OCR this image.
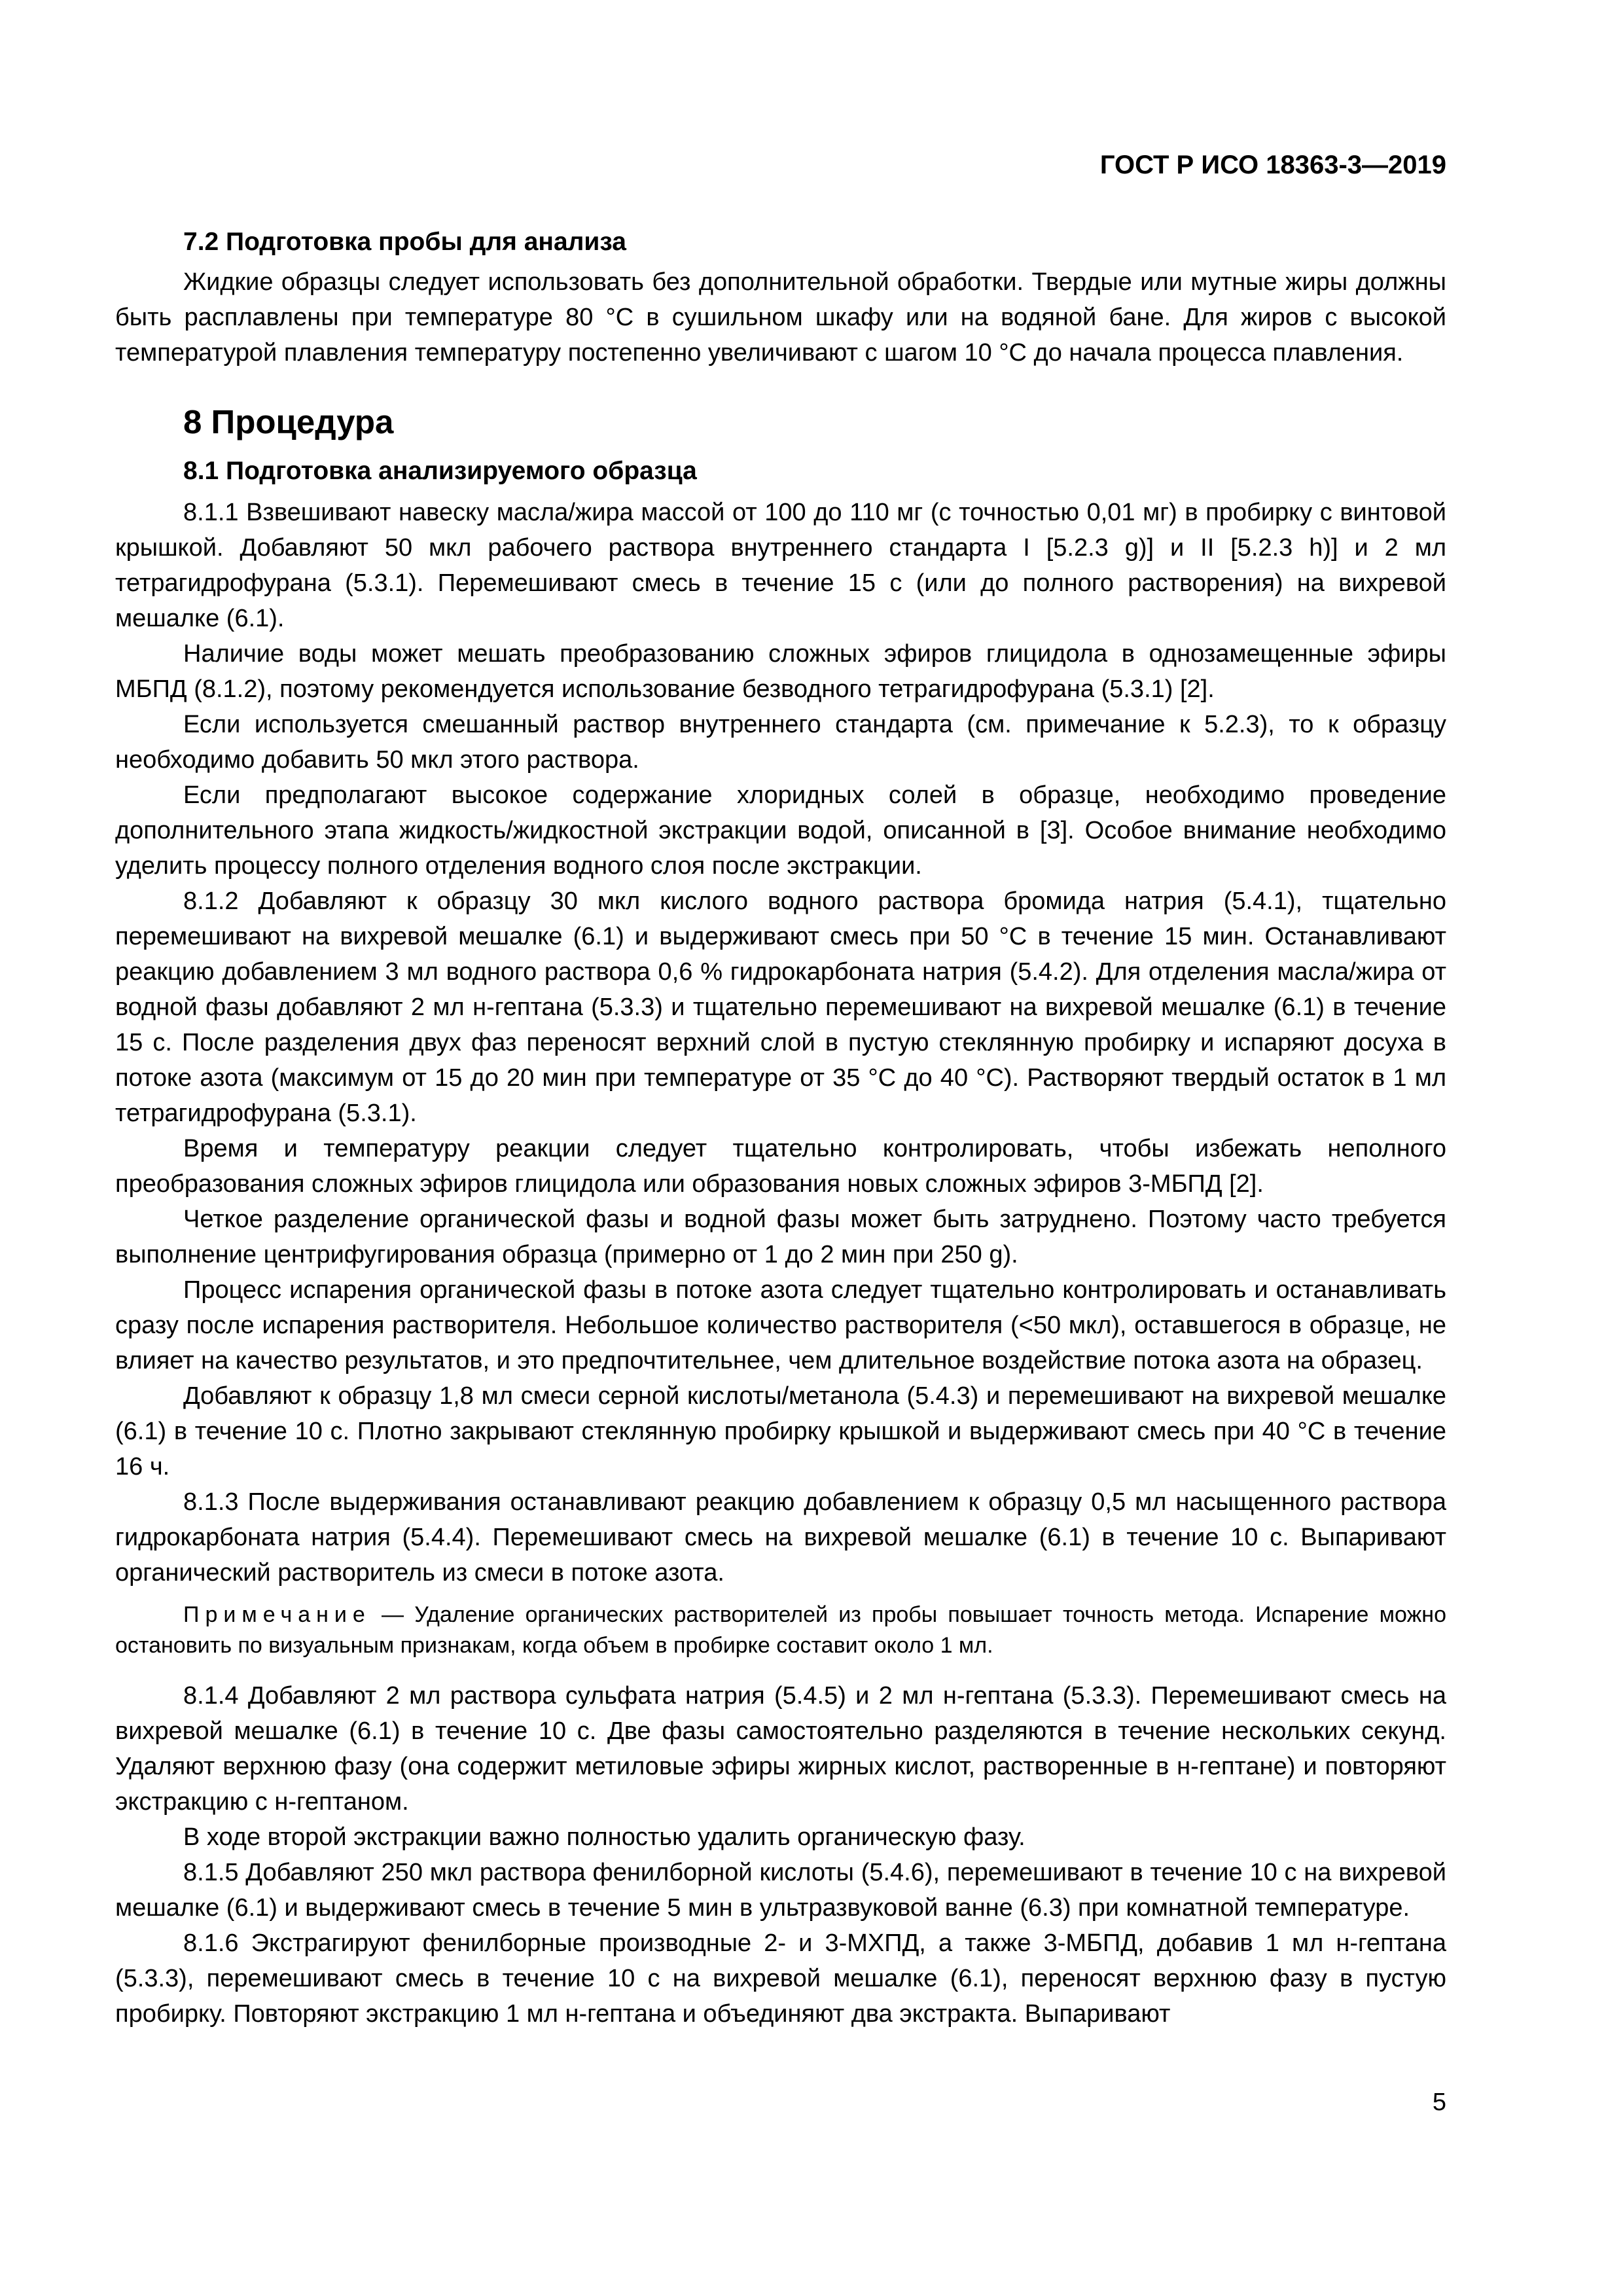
ГОСТ Р ИСО 18363-3—2019
7.2 Подготовка пробы для анализа

Жидкие образцы следует использовать без дополнительной обработки. Твердые или мутные жиры должны быть расплавлены при температуре 80 °С в сушильном шкафу или на водяной бане. Для жиров с высокой температурой плавления температуру постепенно увеличивают с шагом 10 °С до начала процесса плавления.

8 Процедура
8.1 Подготовка анализируемого образца

8.1.1 Взвешивают навеску масла/жира массой от 100 до 110 мг (с точностью 0,01 мг) в пробирку с винтовой крышкой. Добавляют 50 мкл рабочего раствора внутреннего стандарта I [5.2.3 g)] и II [5.2.3 h)] и 2 мл тетрагидрофурана (5.3.1). Перемешивают смесь в течение 15 с (или до полного растворения) на вихревой мешалке (6.1).

Наличие воды может мешать преобразованию сложных эфиров глицидола в однозамещенные эфиры МБПД (8.1.2), поэтому рекомендуется использование безводного тетрагидрофурана (5.3.1) [2].

Если используется смешанный раствор внутреннего стандарта (см. примечание к 5.2.3), то к образцу необходимо добавить 50 мкл этого раствора.

Если предполагают высокое содержание хлоридных солей в образце, необходимо проведение дополнительного этапа жидкость/жидкостной экстракции водой, описанной в [3]. Особое внимание необходимо уделить процессу полного отделения водного слоя после экстракции.

8.1.2 Добавляют к образцу 30 мкл кислого водного раствора бромида натрия (5.4.1), тщательно перемешивают на вихревой мешалке (6.1) и выдерживают смесь при 50 °С в течение 15 мин. Останавливают реакцию добавлением 3 мл водного раствора 0,6 % гидрокарбоната натрия (5.4.2). Для отделения масла/жира от водной фазы добавляют 2 мл н-гептана (5.3.3) и тщательно перемешивают на вихревой мешалке (6.1) в течение 15 с. После разделения двух фаз переносят верхний слой в пустую стеклянную пробирку и испаряют досуха в потоке азота (максимум от 15 до 20 мин при температуре от 35 °С до 40 °С). Растворяют твердый остаток в 1 мл тетрагидрофурана (5.3.1).

Время и температуру реакции следует тщательно контролировать, чтобы избежать неполного преобразования сложных эфиров глицидола или образования новых сложных эфиров 3-МБПД [2].

Четкое разделение органической фазы и водной фазы может быть затруднено. Поэтому часто требуется выполнение центрифугирования образца (примерно от 1 до 2 мин при 250 g).

Процесс испарения органической фазы в потоке азота следует тщательно контролировать и останавливать сразу после испарения растворителя. Небольшое количество растворителя (<50 мкл), оставшегося в образце, не влияет на качество результатов, и это предпочтительнее, чем длительное воздействие потока азота на образец.

Добавляют к образцу 1,8 мл смеси серной кислоты/метанола (5.4.3) и перемешивают на вихревой мешалке (6.1) в течение 10 с. Плотно закрывают стеклянную пробирку крышкой и выдерживают смесь при 40 °С в течение 16 ч.

8.1.3 После выдерживания останавливают реакцию добавлением к образцу 0,5 мл насыщенного раствора гидрокарбоната натрия (5.4.4). Перемешивают смесь на вихревой мешалке (6.1) в течение 10 с. Выпаривают органический растворитель из смеси в потоке азота.

Примечание — Удаление органических растворителей из пробы повышает точность метода. Испарение можно остановить по визуальным признакам, когда объем в пробирке составит около 1 мл.

8.1.4 Добавляют 2 мл раствора сульфата натрия (5.4.5) и 2 мл н-гептана (5.3.3). Перемешивают смесь на вихревой мешалке (6.1) в течение 10 с. Две фазы самостоятельно разделяются в течение нескольких секунд. Удаляют верхнюю фазу (она содержит метиловые эфиры жирных кислот, растворенные в н-гептане) и повторяют экстракцию с н-гептаном.

В ходе второй экстракции важно полностью удалить органическую фазу.

8.1.5 Добавляют 250 мкл раствора фенилборной кислоты (5.4.6), перемешивают в течение 10 с на вихревой мешалке (6.1) и выдерживают смесь в течение 5 мин в ультразвуковой ванне (6.3) при комнатной температуре.

8.1.6 Экстрагируют фенилборные производные 2- и 3-МХПД, а также 3-МБПД, добавив 1 мл н-гептана (5.3.3), перемешивают смесь в течение 10 с на вихревой мешалке (6.1), переносят верхнюю фазу в пустую пробирку. Повторяют экстракцию 1 мл н-гептана и объединяют два экстракта. Выпаривают

5
